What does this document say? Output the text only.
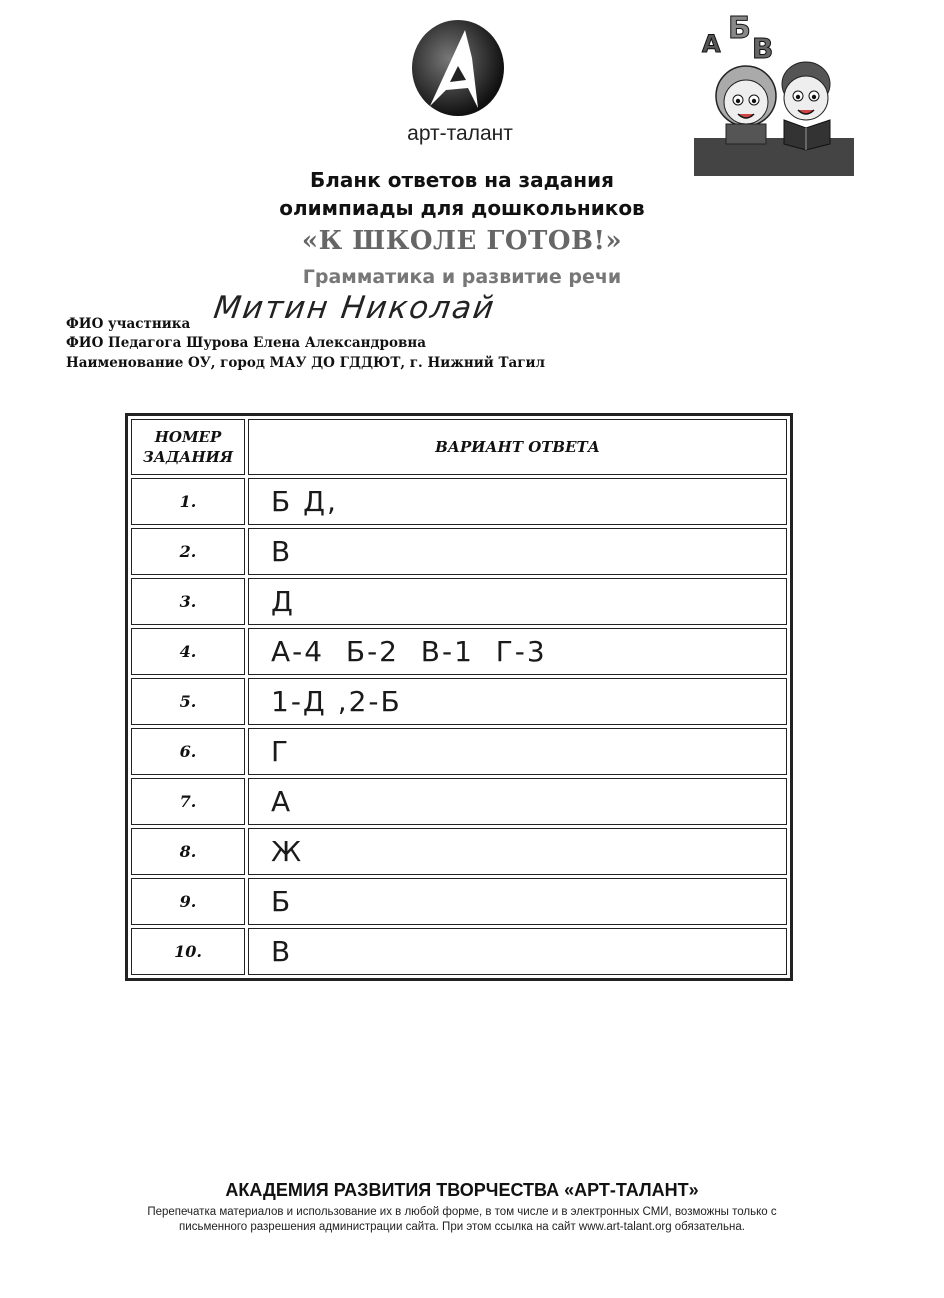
арт-талант
А Б
В
Бланк ответов на задания
олимпиады для дошкольников
«К ШКОЛЕ ГОТОВ!»
Грамматика и развитие речи
ФИО участника Митин Николай
ФИО Педагога Шурова Елена Александровна
Наименование ОУ, город МАУ ДО ГДДЮТ, г. Нижний Тагил
НОМЕР
ЗАДАНИЯ	ВАРИАНТ ОТВЕТА
1.	Б Д,
2.	В
3.	Д
4.	А-4  Б-2  В-1  Г-3
5.	1-Д ,2-Б
6.	Г
7.	А
8.	Ж
9.	Б
10.	В
АКАДЕМИЯ РАЗВИТИЯ ТВОРЧЕСТВА «АРТ-ТАЛАНТ»
Перепечатка материалов и использование их в любой форме, в том числе и в электронных СМИ, возможны только с
письменного разрешения администрации сайта. При этом ссылка на сайт www.art-talant.org обязательна.
